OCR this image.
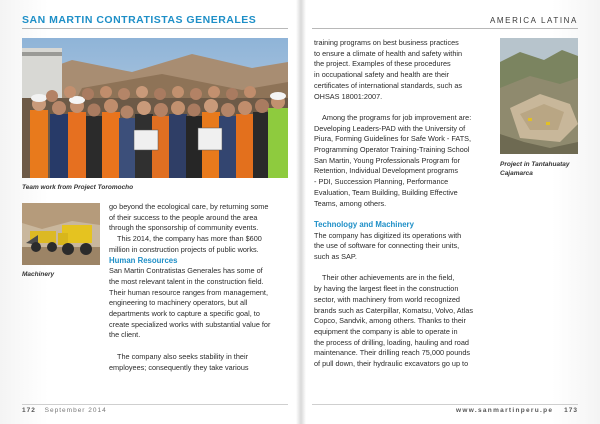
SAN MARTIN CONTRATISTAS GENERALES	AMERICA LATINA
Team work from Project Toromocho
Machinery
Project in Tantahuatay
Cajamarca

go beyond the ecological care, by returning some

of their success to the people around the area

through the sponsorship of community events.

This 2014, the company has more than $600

million in construction projects of public works.

Human Resources

San Martin Contratistas Generales has some of

the most relevant talent in the construction field.

Their human resource ranges from management,

engineering to machinery operators, but all

departments work to capture a specific goal, to

create specialized works with substantial value for

the client.

The company also seeks stability in their

employees; consequently they take various

training programs on best business practices

to ensure a climate of health and safety within

the project. Examples of these procedures

in occupational safety and health are their

certificates of international standards, such as

OHSAS 18001:2007.

Among the programs for job improvement are:

Developing Leaders-PAD with the University of

Piura, Forming Guidelines for Safe Work - FATS,

Programming Operator Training-Training School

San Martin, Young Professionals Program for

Retention, Individual Development programs

- PDI, Succession Planning, Performance

Evaluation, Team Building, Building Effective

Teams, among others.

Technology and Machinery

The company has digitized its operations with

the use of software for connecting their units,

such as SAP.

Their other achievements are in the field,

by having the largest fleet in the construction

sector, with machinery from world recognized

brands such as Caterpillar, Komatsu, Volvo, Atlas

Copco, Sandvik, among others. Thanks to their

equipment the company is able to operate in

the process of drilling, loading, hauling and road

maintenance. Their drilling reach 75,000 pounds

of pull down, their hydraulic excavators go up to

172 September 2014	www.sanmartinperu.pe 173
